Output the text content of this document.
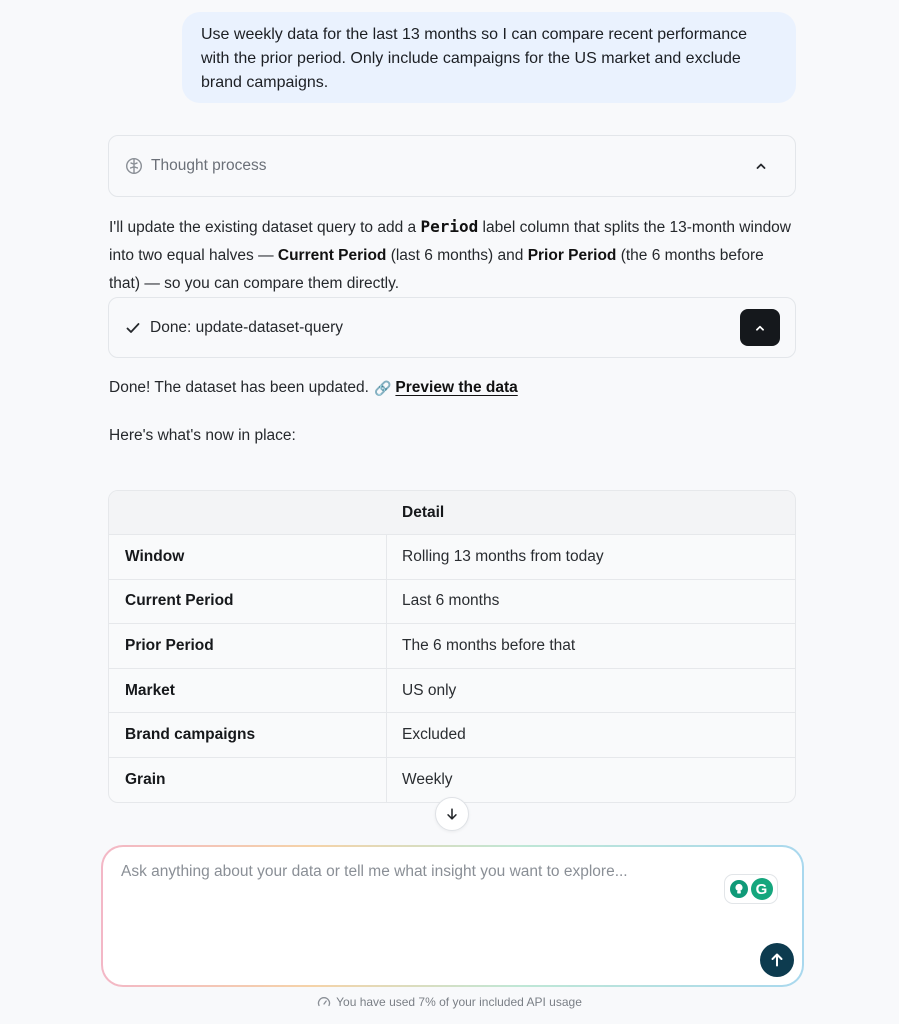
Use weekly data for the last 13 months so I can compare recent performance with the prior period. Only include campaigns for the US market and exclude brand campaigns.
Thought process
I'll update the existing dataset query to add a Period label column that splits the 13-month window into two equal halves — Current Period (last 6 months) and Prior Period (the 6 months before that) — so you can compare them directly.
Done: update-dataset-query
Done! The dataset has been updated. 🔗 Preview the data
Here's what's now in place:
Detail
Window	Rolling 13 months from today
Current Period	Last 6 months
Prior Period	The 6 months before that
Market	US only
Brand campaigns	Excluded
Grain	Weekly
Ask anything about your data or tell me what insight you want to explore...
G
You have used 7% of your included API usage
